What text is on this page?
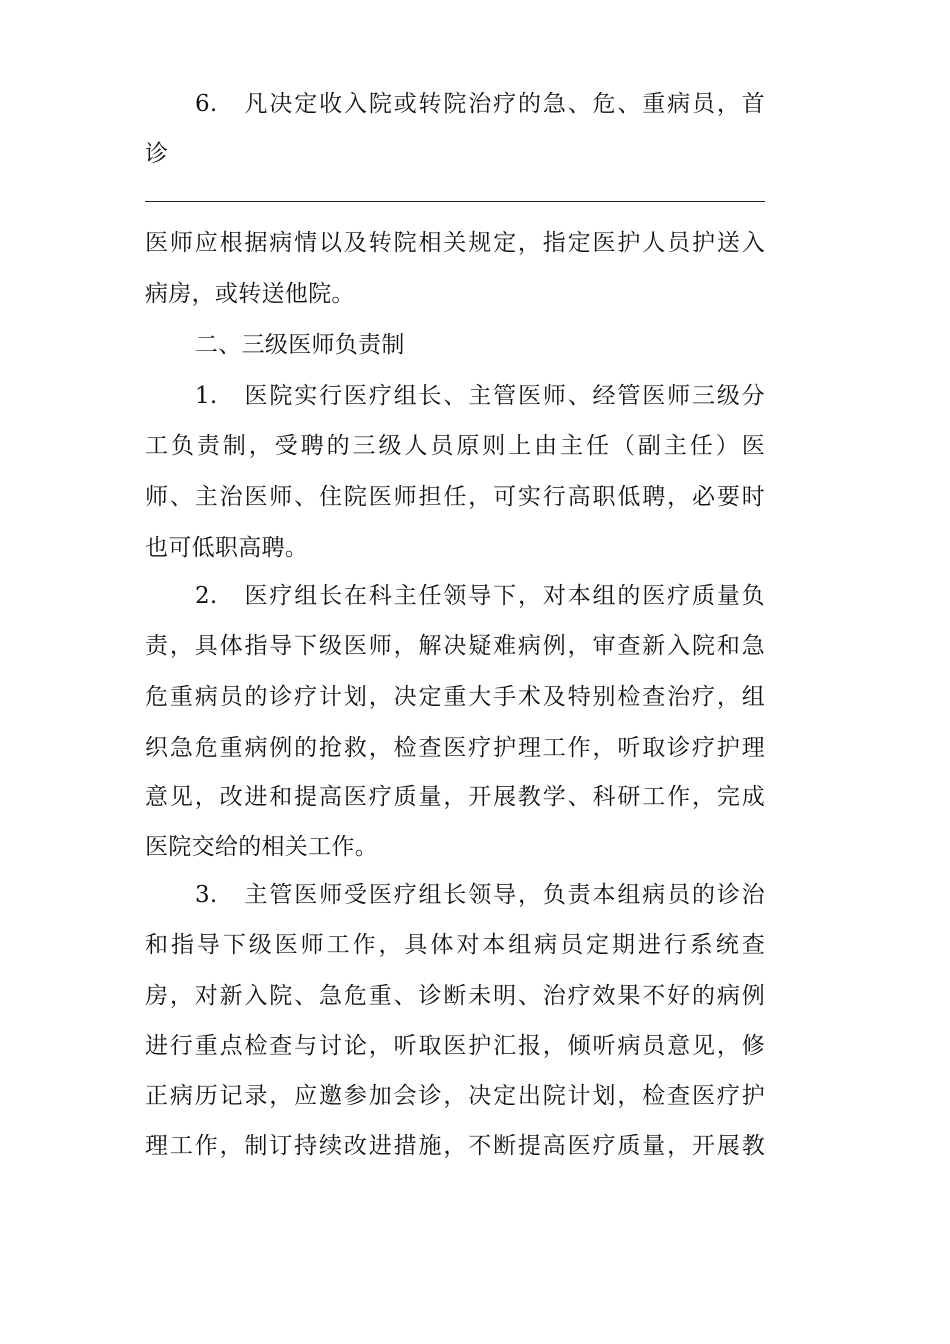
6. 凡决定收入院或转院治疗的急、危、重病员，首
诊
医师应根据病情以及转院相关规定，指定医护人员护送入
病房，或转送他院。
二、三级医师负责制
1. 医院实行医疗组长、主管医师、经管医师三级分
工负责制，受聘的三级人员原则上由主任（副主任）医
师、主治医师、住院医师担任，可实行高职低聘，必要时
也可低职高聘。
2. 医疗组长在科主任领导下，对本组的医疗质量负
责，具体指导下级医师，解决疑难病例，审查新入院和急
危重病员的诊疗计划，决定重大手术及特别检查治疗，组
织急危重病例的抢救，检查医疗护理工作，听取诊疗护理
意见，改进和提高医疗质量，开展教学、科研工作，完成
医院交给的相关工作。
3. 主管医师受医疗组长领导，负责本组病员的诊治
和指导下级医师工作，具体对本组病员定期进行系统查
房，对新入院、急危重、诊断未明、治疗效果不好的病例
进行重点检查与讨论，听取医护汇报，倾听病员意见，修
正病历记录，应邀参加会诊，决定出院计划，检查医疗护
理工作，制订持续改进措施，不断提高医疗质量，开展教
